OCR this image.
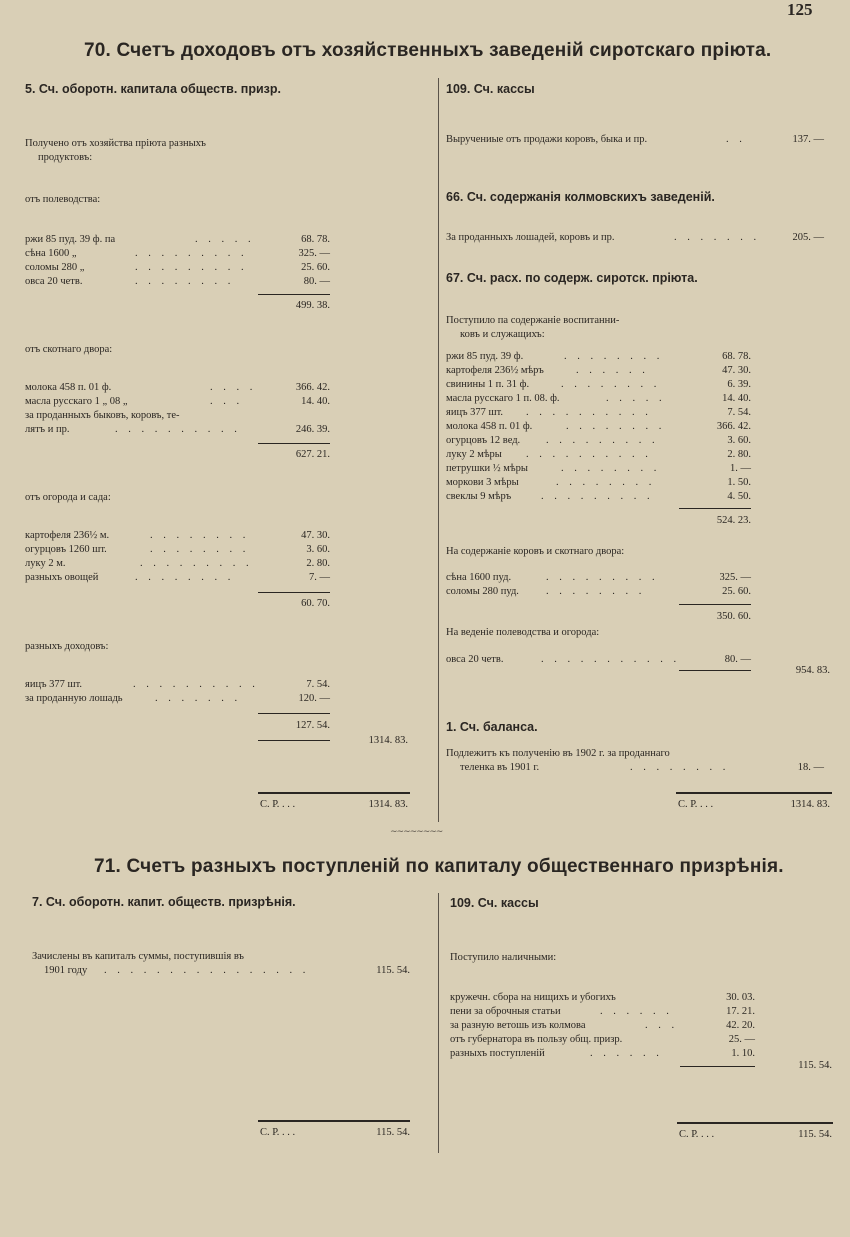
125
70. Счетъ доходовъ отъ хозяйственныхъ заведеній сиротскаго пріюта.
5. Сч. оборотн. капитала обществ. призр.
Получено отъ хозяйства пріюта разныхъ
продуктовъ:
отъ полеводства:
ржи 85 пуд. 39 ф. па	. . . . .	68. 78.
сѣна 1600 „	. . . . . . . . .	325. —
соломы 280 „	. . . . . . . . .	25. 60.
овса 20 четв.	. . . . . . . .	80. —
499. 38.
отъ скотнаго двора:
молока 458 п. 01 ф.	. . . .	366. 42.
масла русскаго 1 „ 08 „	. . .	14. 40.
за проданныхъ быковъ, коровъ, те-
лятъ и пр.	. . . . . . . . . .	246. 39.
627. 21.
отъ огорода и сада:
картофеля 236½ м.	. . . . . . . .	47. 30.
огурцовъ 1260 шт.	. . . . . . . .	3. 60.
луку 2 м.	. . . . . . . . .	2. 80.
разныхъ овощей	. . . . . . . .	7. —
60. 70.
разныхъ доходовъ:
яицъ 377 шт.	. . . . . . . . . .	7. 54.
за проданную лошадь	. . . . . . .	120. —
127. 54.
1314. 83.
С. Р. . . .	1314. 83.
109. Сч. кассы
Выручениые отъ продажи коровъ, быка и пр.	. .	137. —
66. Сч. содержанія колмовскихъ заведеній.
За проданныхъ лошадей, коровъ и пр.	. . . . . . .	205. —
67. Сч. расх. по содерж. сиротск. пріюта.
Поступило па содержаніе воспитанни-
ковъ и служащихъ:
ржи 85 пуд. 39 ф.	. . . . . . . .	68. 78.
картофеля 236½ мѣръ	. . . . . .	47. 30.
свинины 1 п. 31 ф.	. . . . . . . .	6. 39.
масла русскаго 1 п. 08. ф.	. . . . .	14. 40.
яицъ 377 шт. . . . . . . . . . .	7. 54.
молока 458 п. 01 ф.	. . . . . . . .	366. 42.
огурцовъ 12 вед. . . . . . . . . .	3. 60.
луку 2 мѣры . . . . . . . . . .	2. 80.
петрушки ½ мѣры	. . . . . . . .	1. —
моркови 3 мѣры	. . . . . . . .	1. 50.
свеклы 9 мѣръ	. . . . . . . . .	4. 50.
524. 23.
На содержаніе коровъ и скотнаго двора:
сѣна 1600 пуд.	. . . . . . . . .	325. —
соломы 280 пуд.	. . . . . . . .	25. 60.
350. 60.
На веденіе полеводства и огорода:
овса 20 четв.	. . . . . . . . . . .	80. —
954. 83.
1. Сч. баланса.
Подлежитъ къ полученію въ 1902 г. за проданнаго
теленка въ 1901 г.	. . . . . . . .	18. —
С. Р. . . .	1314. 83.
∼∼∼∼∼∼∼∼
71. Счетъ разныхъ поступленій по капиталу общественнаго призрѣнія.
7. Сч. оборотн. капит. обществ. призрѣнія.
Зачислены въ капиталъ суммы, поступившія въ
1901 году . . . . . . . . . . . . . . . .	115. 54.
С. Р. . . .	115. 54.
109. Сч. кассы
Поступило наличными:
кружечн. сбора на нищихъ и убогихъ	30. 03.
пени за оброчныя статьи	. . . . . .	17. 21.
за разную ветошь изъ колмова	. . .	42. 20.
отъ губернатора въ пользу общ. призр.	25. —
разныхъ поступленій	. . . . . .	1. 10.
115. 54.
С. Р. . . .	115. 54.
